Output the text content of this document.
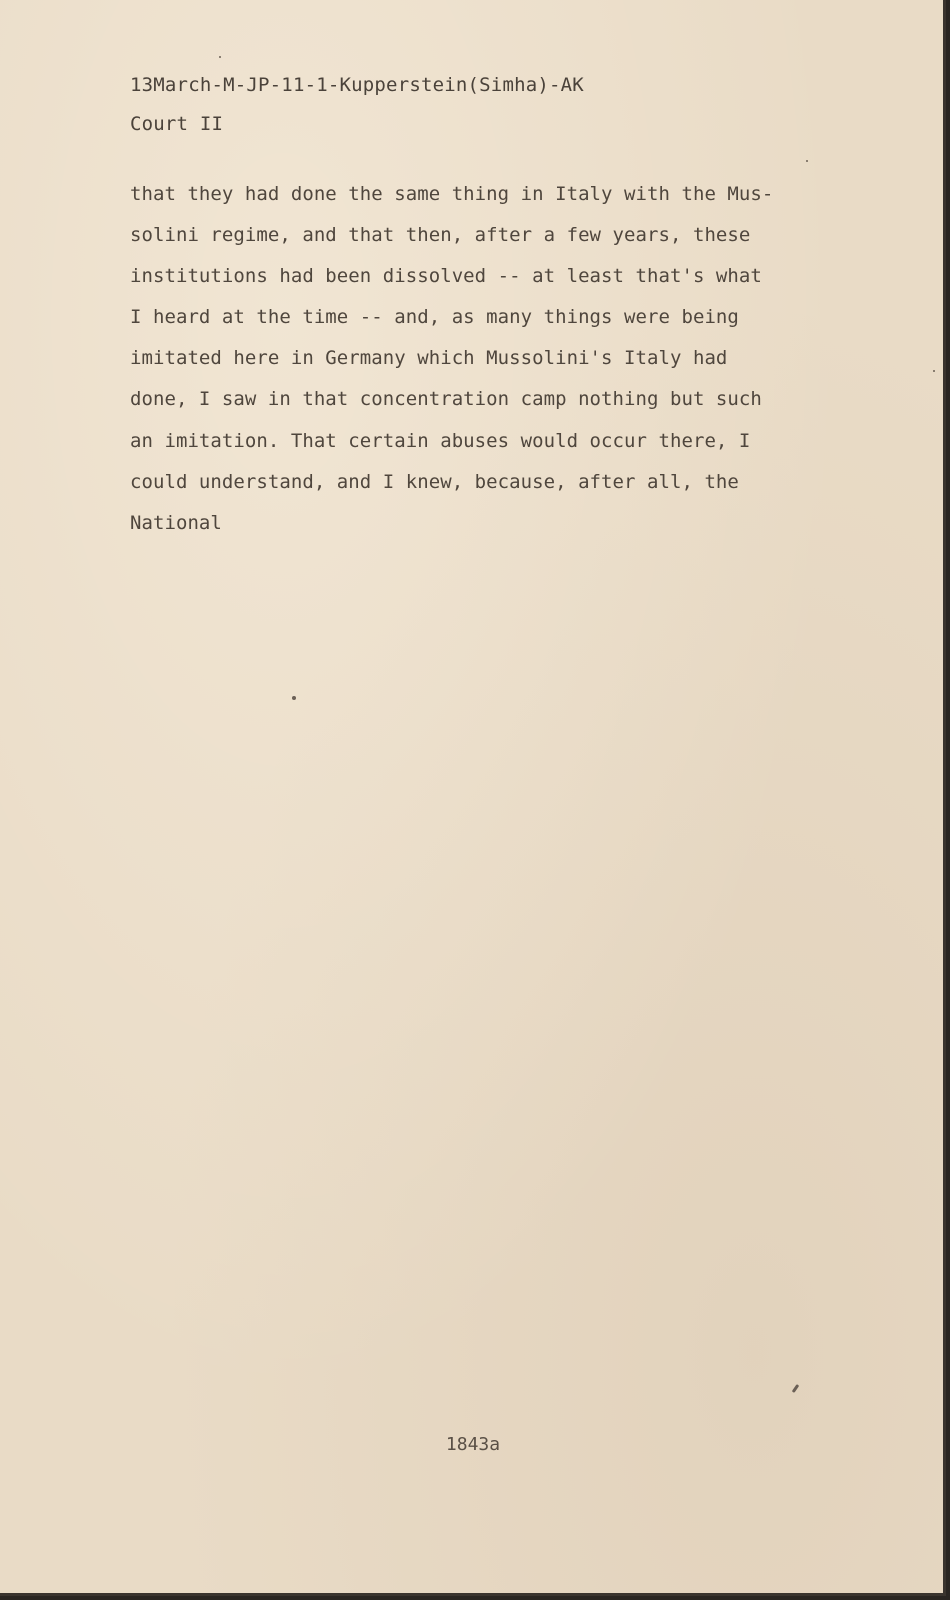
13March-M-JP-11-1-Kupperstein(Simha)-AK
Court II
that they had done the same thing in Italy with the Mus-
solini regime, and that then, after a few years, these
institutions had been dissolved -- at least that's what
I heard at the time -- and, as many things were being
imitated here in Germany which Mussolini's Italy had
done, I saw in that concentration camp nothing but such
an imitation. That certain abuses would occur there, I
could understand, and I knew, because, after all, the
National
1843a
